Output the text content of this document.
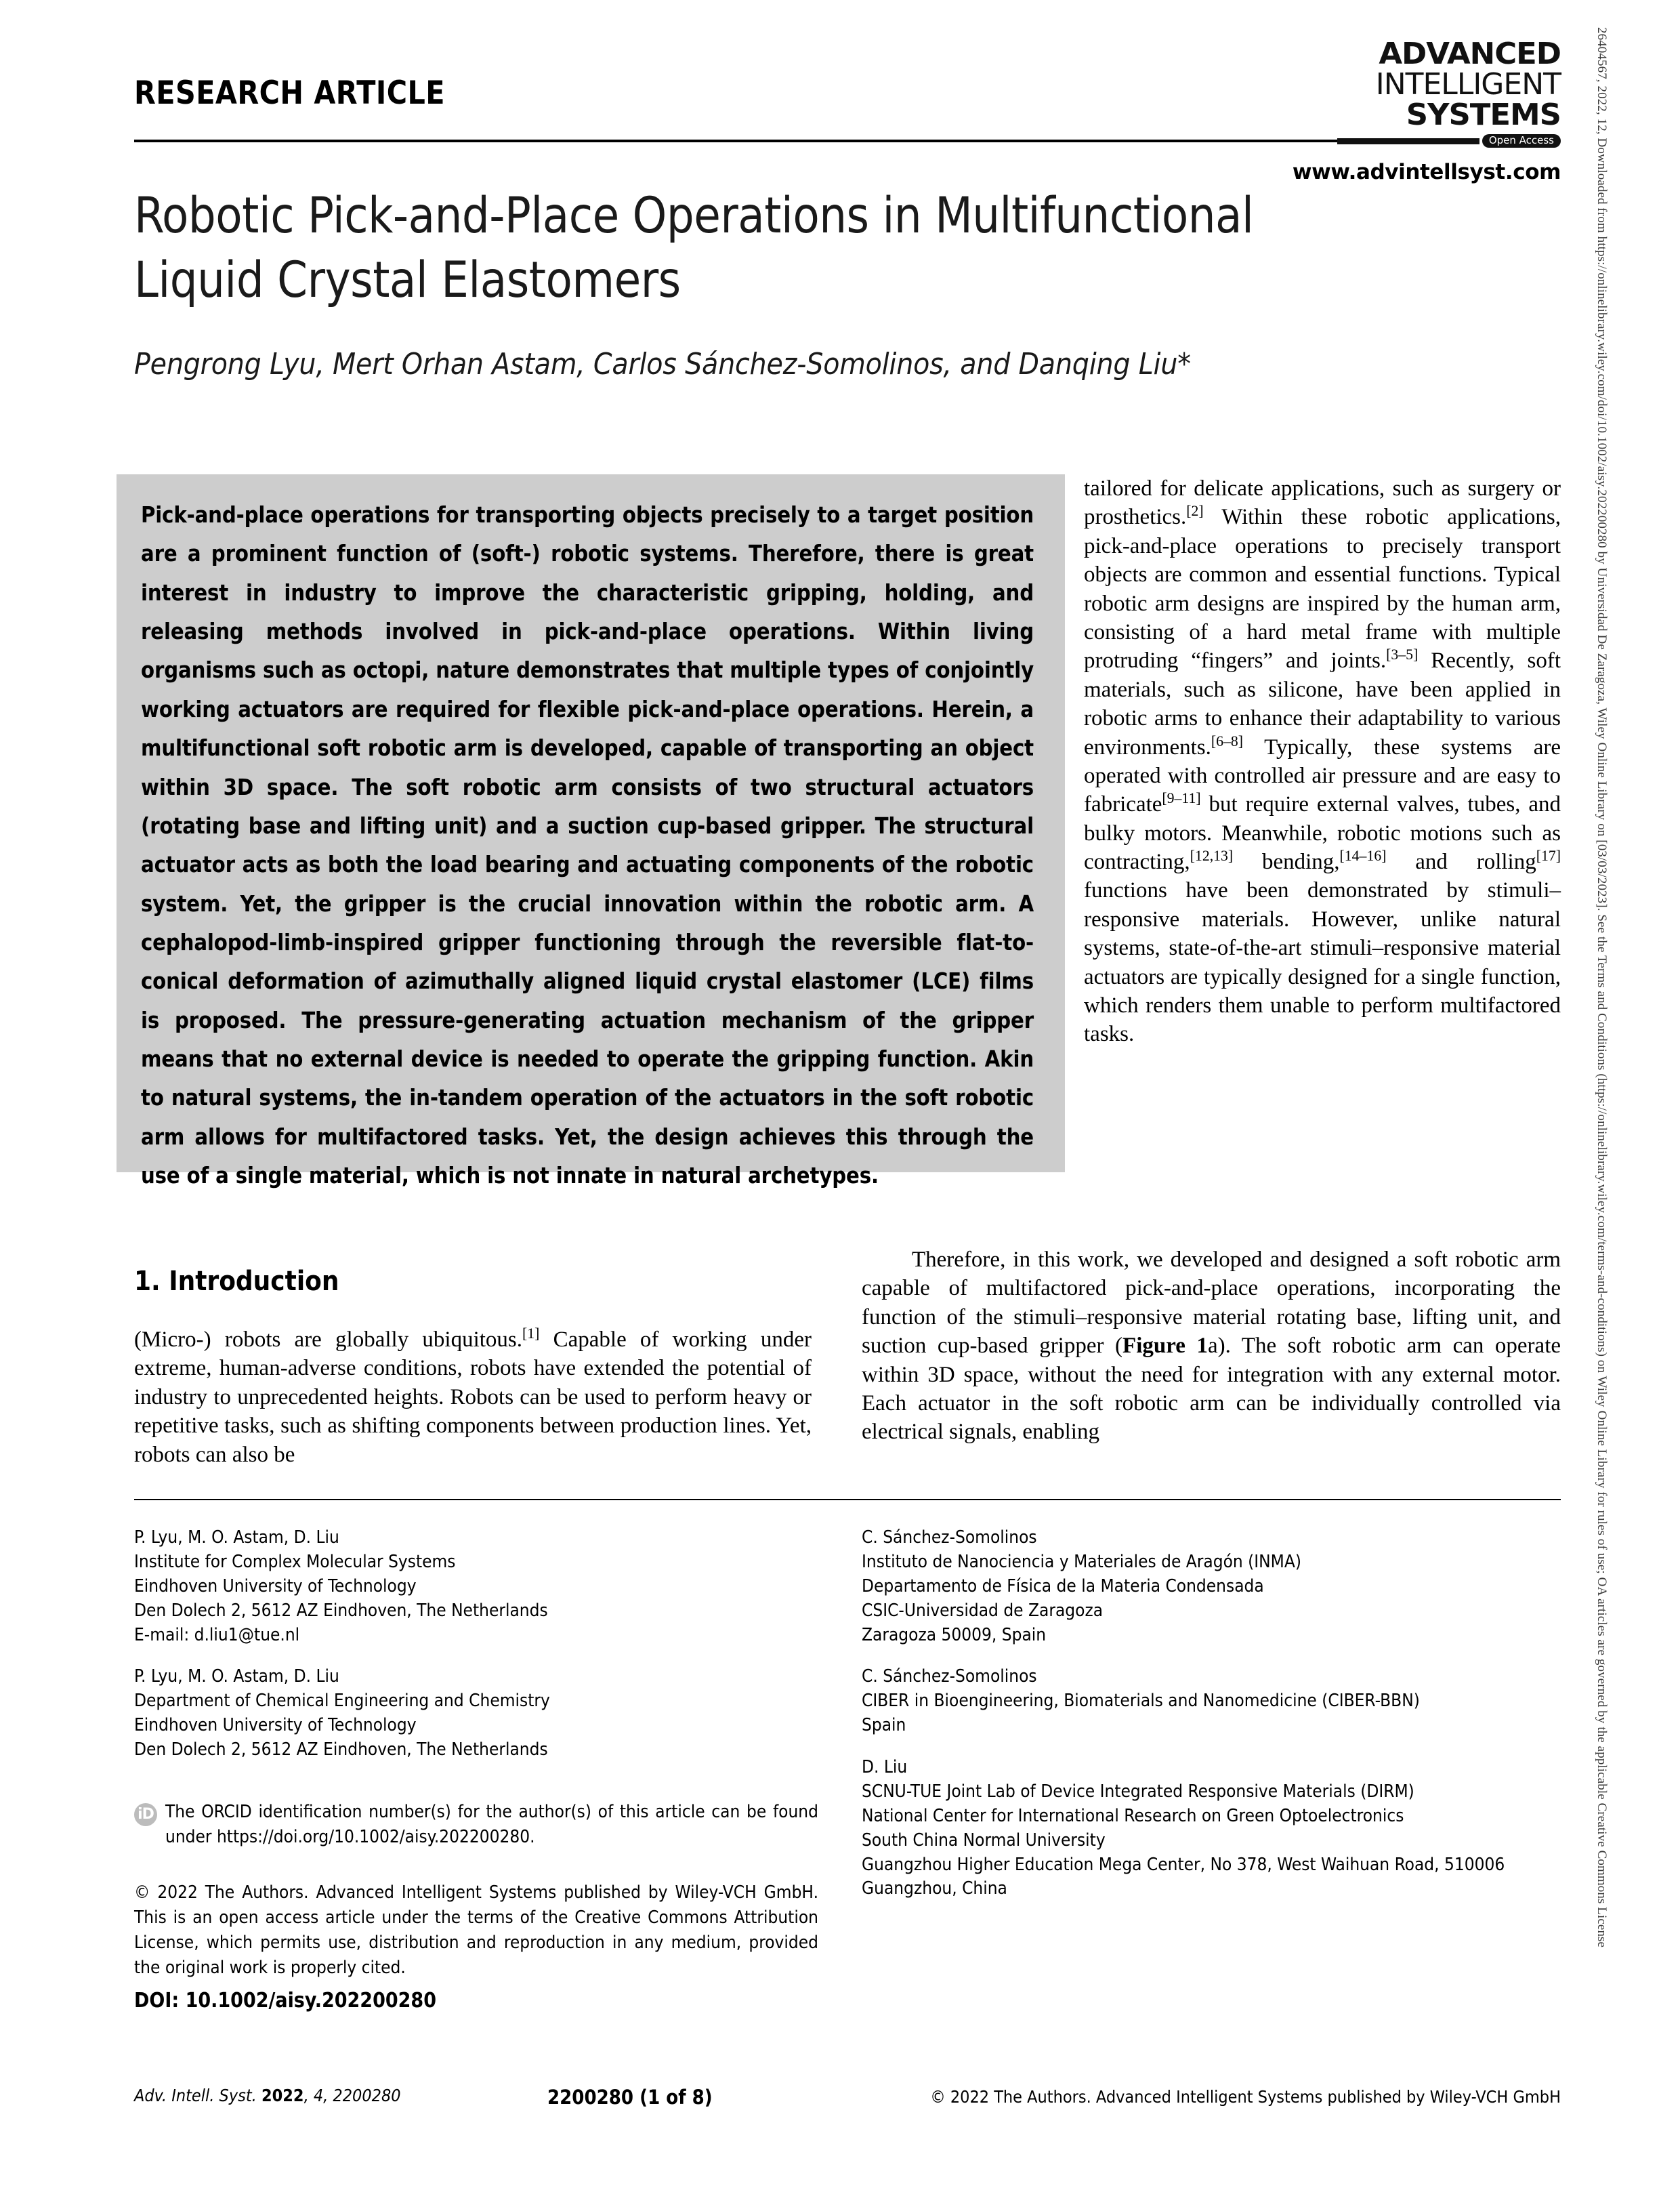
RESEARCH ARTICLE
ADVANCED
INTELLIGENT
SYSTEMS
Open Access
www.advintellsyst.com
Robotic Pick-and-Place Operations in Multifunctional Liquid Crystal Elastomers
Pengrong Lyu, Mert Orhan Astam, Carlos Sánchez-Somolinos, and Danqing Liu*
Pick-and-place operations for transporting objects precisely to a target position are a prominent function of (soft-) robotic systems. Therefore, there is great interest in industry to improve the characteristic gripping, holding, and releasing methods involved in pick-and-place operations. Within living organisms such as octopi, nature demonstrates that multiple types of conjointly working actuators are required for flexible pick-and-place operations. Herein, a multifunctional soft robotic arm is developed, capable of transporting an object within 3D space. The soft robotic arm consists of two structural actuators (rotating base and lifting unit) and a suction cup-based gripper. The structural actuator acts as both the load bearing and actuating components of the robotic system. Yet, the gripper is the crucial innovation within the robotic arm. A cephalopod-limb-inspired gripper functioning through the reversible flat-to-conical deformation of azimuthally aligned liquid crystal elastomer (LCE) films is proposed. The pressure-generating actuation mechanism of the gripper means that no external device is needed to operate the gripping function. Akin to natural systems, the in-tandem operation of the actuators in the soft robotic arm allows for multifactored tasks. Yet, the design achieves this through the use of a single material, which is not innate in natural archetypes.

tailored for delicate applications, such as surgery or prosthetics.[2] Within these robotic applications, pick-and-place operations to precisely transport objects are common and essential functions. Typical robotic arm designs are inspired by the human arm, consisting of a hard metal frame with multiple protruding “fingers” and joints.[3–5] Recently, soft materials, such as silicone, have been applied in robotic arms to enhance their adaptability to various environments.[6–8] Typically, these systems are operated with controlled air pressure and are easy to fabricate[9–11] but require external valves, tubes, and bulky motors. Meanwhile, robotic motions such as contracting,[12,13] bending,[14–16] and rolling[17] functions have been demonstrated by stimuli–responsive materials. However, unlike natural systems, state-of-the-art stimuli–responsive material actuators are typically designed for a single function, which renders them unable to perform multifactored tasks.

1. Introduction

(Micro-) robots are globally ubiquitous.[1] Capable of working under extreme, human-adverse conditions, robots have extended the potential of industry to unprecedented heights. Robots can be used to perform heavy or repetitive tasks, such as shifting components between production lines. Yet, robots can also be

Therefore, in this work, we developed and designed a soft robotic arm capable of multifactored pick-and-place operations, incorporating the function of the stimuli–responsive material rotating base, lifting unit, and suction cup-based gripper (Figure 1a). The soft robotic arm can operate within 3D space, without the need for integration with any external motor. Each actuator in the soft robotic arm can be individually controlled via electrical signals, enabling

P. Lyu, M. O. Astam, D. Liu
Institute for Complex Molecular Systems
Eindhoven University of Technology
Den Dolech 2, 5612 AZ Eindhoven, The Netherlands
E-mail: d.liu1@tue.nl
P. Lyu, M. O. Astam, D. Liu
Department of Chemical Engineering and Chemistry
Eindhoven University of Technology
Den Dolech 2, 5612 AZ Eindhoven, The Netherlands
C. Sánchez-Somolinos
Instituto de Nanociencia y Materiales de Aragón (INMA)
Departamento de Física de la Materia Condensada
CSIC-Universidad de Zaragoza
Zaragoza 50009, Spain
C. Sánchez-Somolinos
CIBER in Bioengineering, Biomaterials and Nanomedicine (CIBER-BBN)
Spain
D. Liu
SCNU-TUE Joint Lab of Device Integrated Responsive Materials (DIRM)
National Center for International Research on Green Optoelectronics
South China Normal University
Guangzhou Higher Education Mega Center, No 378, West Waihuan Road, 510006 Guangzhou, China
iD The ORCID identification number(s) for the author(s) of this article can be found under https://doi.org/10.1002/aisy.202200280.
© 2022 The Authors. Advanced Intelligent Systems published by Wiley-VCH GmbH. This is an open access article under the terms of the Creative Commons Attribution License, which permits use, distribution and reproduction in any medium, provided the original work is properly cited.
DOI: 10.1002/aisy.202200280
Adv. Intell. Syst. 2022, 4, 2200280	2200280 (1 of 8)	© 2022 The Authors. Advanced Intelligent Systems published by Wiley-VCH GmbH
26404567, 2022, 12, Downloaded from https://onlinelibrary.wiley.com/doi/10.1002/aisy.202200280 by Universidad De Zaragoza, Wiley Online Library on [03/03/2023]. See the Terms and Conditions (https://onlinelibrary.wiley.com/terms-and-conditions) on Wiley Online Library for rules of use; OA articles are governed by the applicable Creative Commons License
